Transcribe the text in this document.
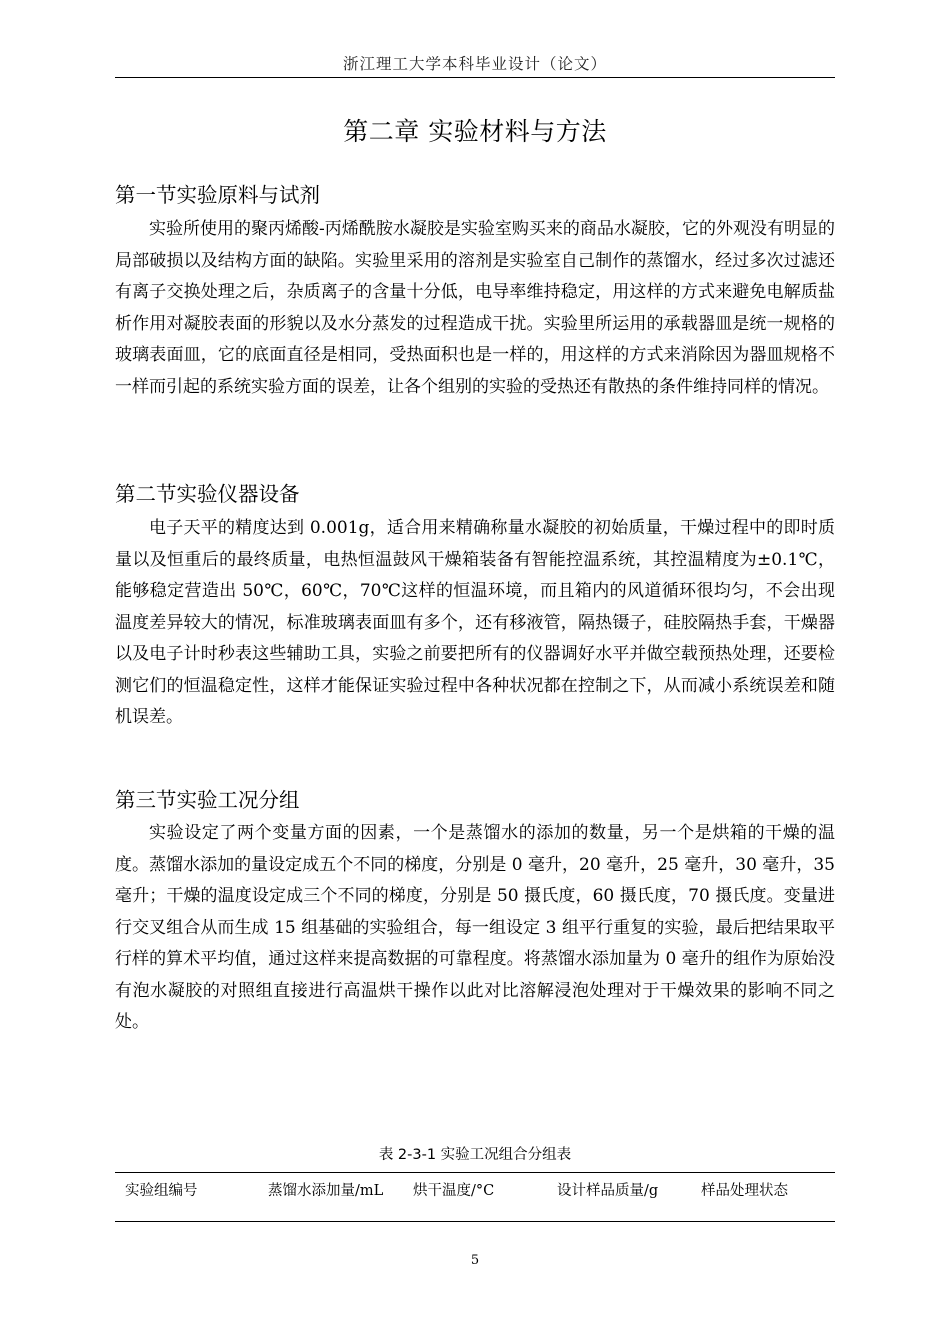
浙江理工大学本科毕业设计（论文）
第二章 实验材料与方法
第一节实验原料与试剂

实验所使用的聚丙烯酸-丙烯酰胺水凝胶是实验室购买来的商品水凝胶，它的外观没有明显的局部破损以及结构方面的缺陷。实验里采用的溶剂是实验室自己制作的蒸馏水，经过多次过滤还有离子交换处理之后，杂质离子的含量十分低，电导率维持稳定，用这样的方式来避免电解质盐析作用对凝胶表面的形貌以及水分蒸发的过程造成干扰。实验里所运用的承载器皿是统一规格的玻璃表面皿，它的底面直径是相同，受热面积也是一样的，用这样的方式来消除因为器皿规格不一样而引起的系统实验方面的误差，让各个组别的实验的受热还有散热的条件维持同样的情况。

第二节实验仪器设备

电子天平的精度达到 0.001g，适合用来精确称量水凝胶的初始质量，干燥过程中的即时质量以及恒重后的最终质量，电热恒温鼓风干燥箱装备有智能控温系统，其控温精度为±0.1℃，能够稳定营造出 50℃，60℃，70℃这样的恒温环境，而且箱内的风道循环很均匀，不会出现温度差异较大的情况，标准玻璃表面皿有多个，还有移液管，隔热镊子，硅胶隔热手套，干燥器以及电子计时秒表这些辅助工具，实验之前要把所有的仪器调好水平并做空载预热处理，还要检测它们的恒温稳定性，这样才能保证实验过程中各种状况都在控制之下，从而减小系统误差和随机误差。

第三节实验工况分组

实验设定了两个变量方面的因素，一个是蒸馏水的添加的数量，另一个是烘箱的干燥的温度。蒸馏水添加的量设定成五个不同的梯度，分别是 0 毫升，20 毫升，25 毫升，30 毫升，35 毫升；干燥的温度设定成三个不同的梯度，分别是 50 摄氏度，60 摄氏度，70 摄氏度。变量进行交叉组合从而生成 15 组基础的实验组合，每一组设定 3 组平行重复的实验，最后把结果取平行样的算术平均值，通过这样来提高数据的可靠程度。将蒸馏水添加量为 0 毫升的组作为原始没有泡水凝胶的对照组直接进行高温烘干操作以此对比溶解浸泡处理对于干燥效果的影响不同之处。

表 2-3-1 实验工况组合分组表
实验组编号	蒸馏水添加量/mL	烘干温度/°C	设计样品质量/g	样品处理状态
5
